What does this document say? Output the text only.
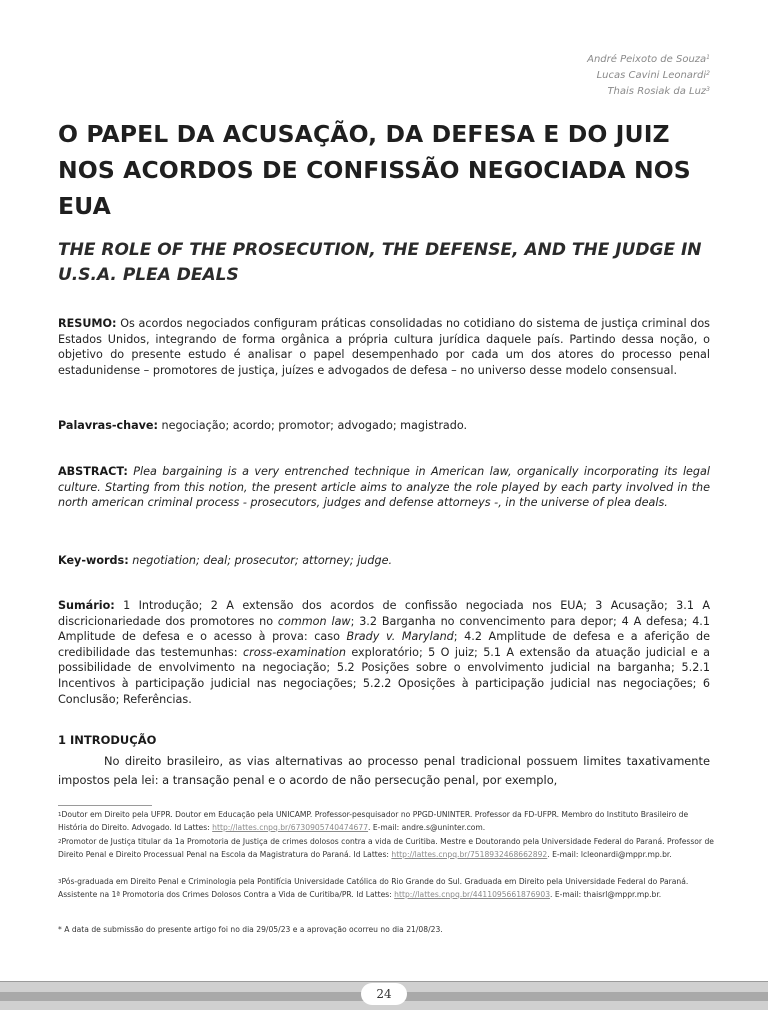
André Peixoto de Souza$^1$
Lucas Cavini Leonardi$^2$
Thais Rosiak da Luz$^3$
O PAPEL DA ACUSAÇÃO, DA DEFESA E DO JUIZ NOS ACORDOS DE CONFISSÃO NEGOCIADA NOS EUA
THE ROLE OF THE PROSECUTION, THE DEFENSE, AND THE JUDGE IN U.S.A. PLEA DEALS

RESUMO: Os acordos negociados configuram práticas consolidadas no cotidiano do sistema de justiça criminal dos Estados Unidos, integrando de forma orgânica a própria cultura jurídica daquele país. Partindo dessa noção, o objetivo do presente estudo é analisar o papel desempenhado por cada um dos atores do processo penal estadunidense – promotores de justiça, juízes e advogados de defesa – no universo desse modelo consensual.

Palavras-chave: negociação; acordo; promotor; advogado; magistrado.

ABSTRACT: Plea bargaining is a very entrenched technique in American law, organically incorporating its legal culture. Starting from this notion, the present article aims to analyze the role played by each party involved in the north american criminal process - prosecutors, judges and defense attorneys -, in the universe of plea deals.

Key-words: negotiation; deal; prosecutor; attorney; judge.

Sumário: 1 Introdução; 2 A extensão dos acordos de confissão negociada nos EUA; 3 Acusação; 3.1 A discricionariedade dos promotores no common law; 3.2 Barganha no convencimento para depor; 4 A defesa; 4.1 Amplitude de defesa e o acesso à prova: caso Brady v. Maryland; 4.2 Amplitude de defesa e a aferição de credibilidade das testemunhas: cross-examination exploratório; 5 O juiz; 5.1 A extensão da atuação judicial e a possibilidade de envolvimento na negociação; 5.2 Posições sobre o envolvimento judicial na barganha; 5.2.1 Incentivos à participação judicial nas negociações; 5.2.2 Oposições à participação judicial nas negociações; 6 Conclusão; Referências.

1 INTRODUÇÃO

No direito brasileiro, as vias alternativas ao processo penal tradicional possuem limites taxativamente impostos pela lei: a transação penal e o acordo de não persecução penal, por exemplo,

$^1$Doutor em Direito pela UFPR. Doutor em Educação pela UNICAMP. Professor-pesquisador no PPGD-UNINTER. Professor da FD-UFPR. Membro do Instituto Brasileiro de História do Direito. Advogado. Id Lattes: http://lattes.cnpq.br/6730905740474677. E-mail: andre.s@uninter.com.

$^2$Promotor de Justiça titular da 1a Promotoria de Justiça de crimes dolosos contra a vida de Curitiba. Mestre e Doutorando pela Universidade Federal do Paraná. Professor de Direito Penal e Direito Processual Penal na Escola da Magistratura do Paraná. Id Lattes: http://lattes.cnpq.br/7518932468662892. E-mail: lcleonardi@mppr.mp.br.

$^3$Pós-graduada em Direito Penal e Criminologia pela Pontifícia Universidade Católica do Rio Grande do Sul. Graduada em Direito pela Universidade Federal do Paraná. Assistente na 1ª Promotoria dos Crimes Dolosos Contra a Vida de Curitiba/PR. Id Lattes: http://lattes.cnpq.br/4411095661876903. E-mail: thaisrl@mppr.mp.br.

* A data de submissão do presente artigo foi no dia 29/05/23 e a aprovação ocorreu no dia 21/08/23.

24
